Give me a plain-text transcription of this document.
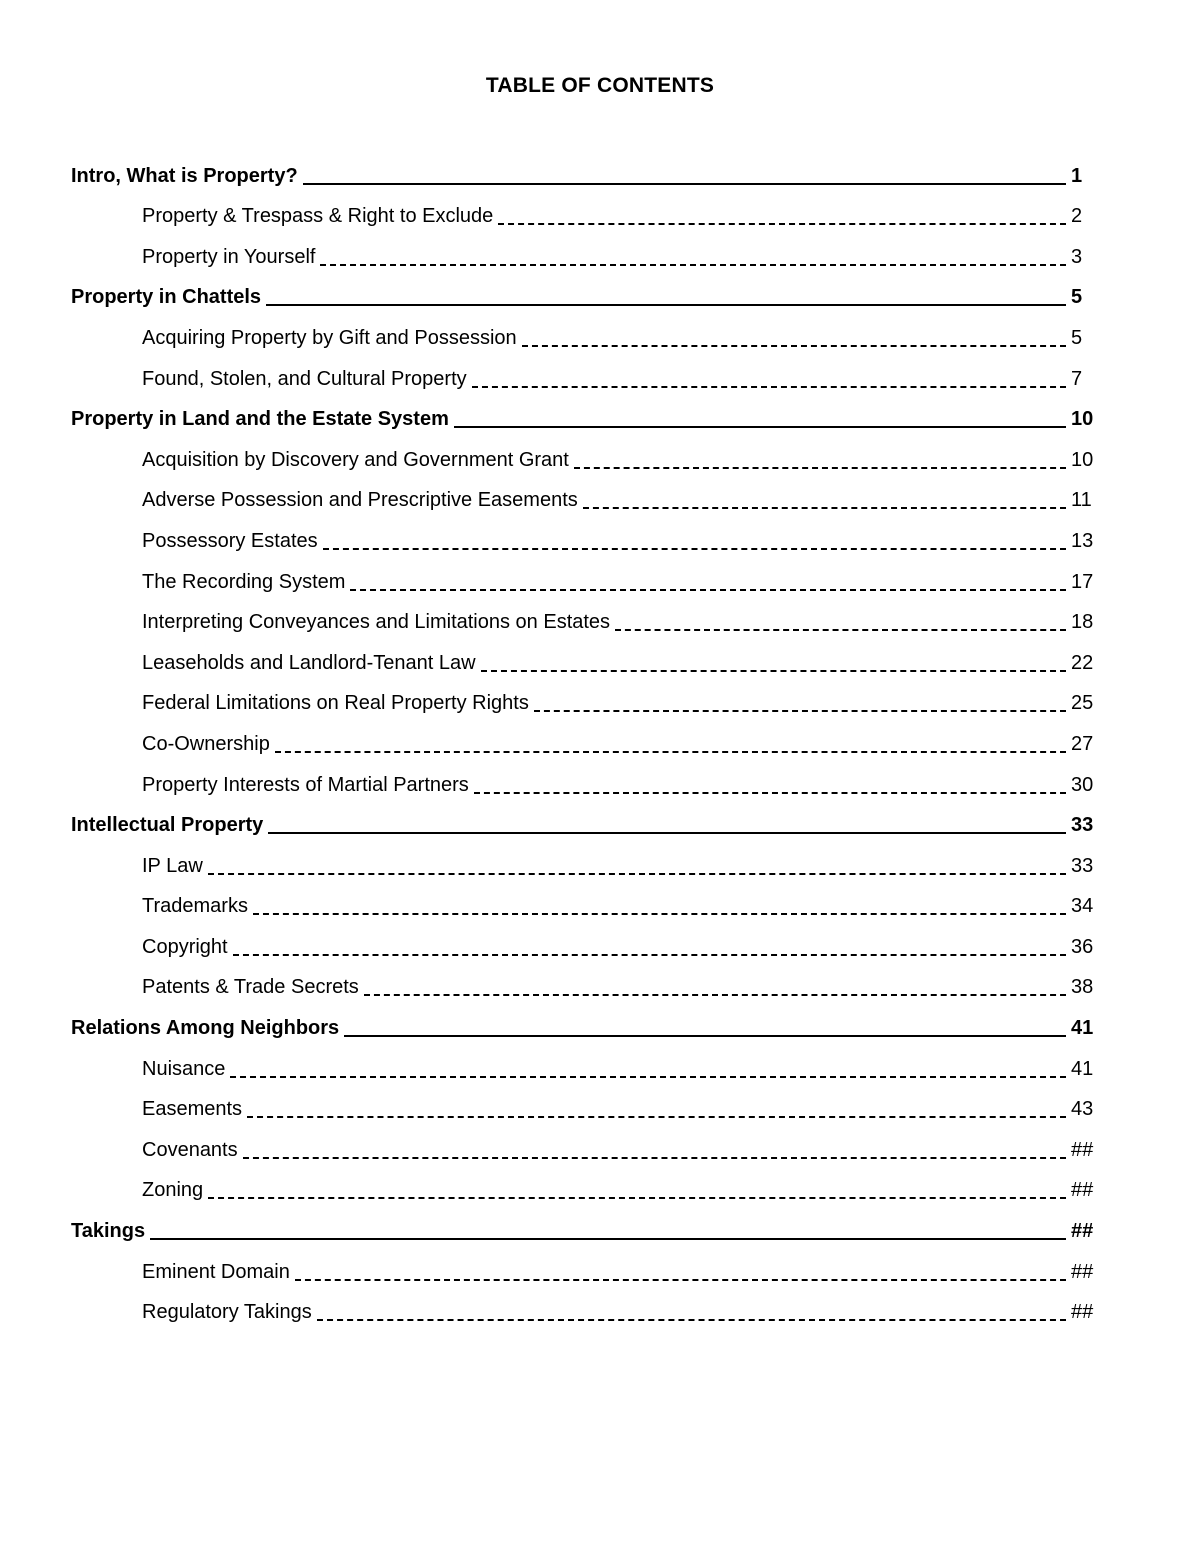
TABLE OF CONTENTS
Intro, What is Property?	1
Property & Trespass & Right to Exclude	2
Property in Yourself	3
Property in Chattels	5
Acquiring Property by Gift and Possession	5
Found, Stolen, and Cultural Property	7
Property in Land and the Estate System	10
Acquisition by Discovery and Government Grant	10
Adverse Possession and Prescriptive Easements	11
Possessory Estates	13
The Recording System	17
Interpreting Conveyances and Limitations on Estates	18
Leaseholds and Landlord-Tenant Law	22
Federal Limitations on Real Property Rights	25
Co-Ownership	27
Property Interests of Martial Partners	30
Intellectual Property	33
IP Law	33
Trademarks	34
Copyright	36
Patents & Trade Secrets	38
Relations Among Neighbors	41
Nuisance	41
Easements	43
Covenants	##
Zoning	##
Takings	##
Eminent Domain	##
Regulatory Takings	##
